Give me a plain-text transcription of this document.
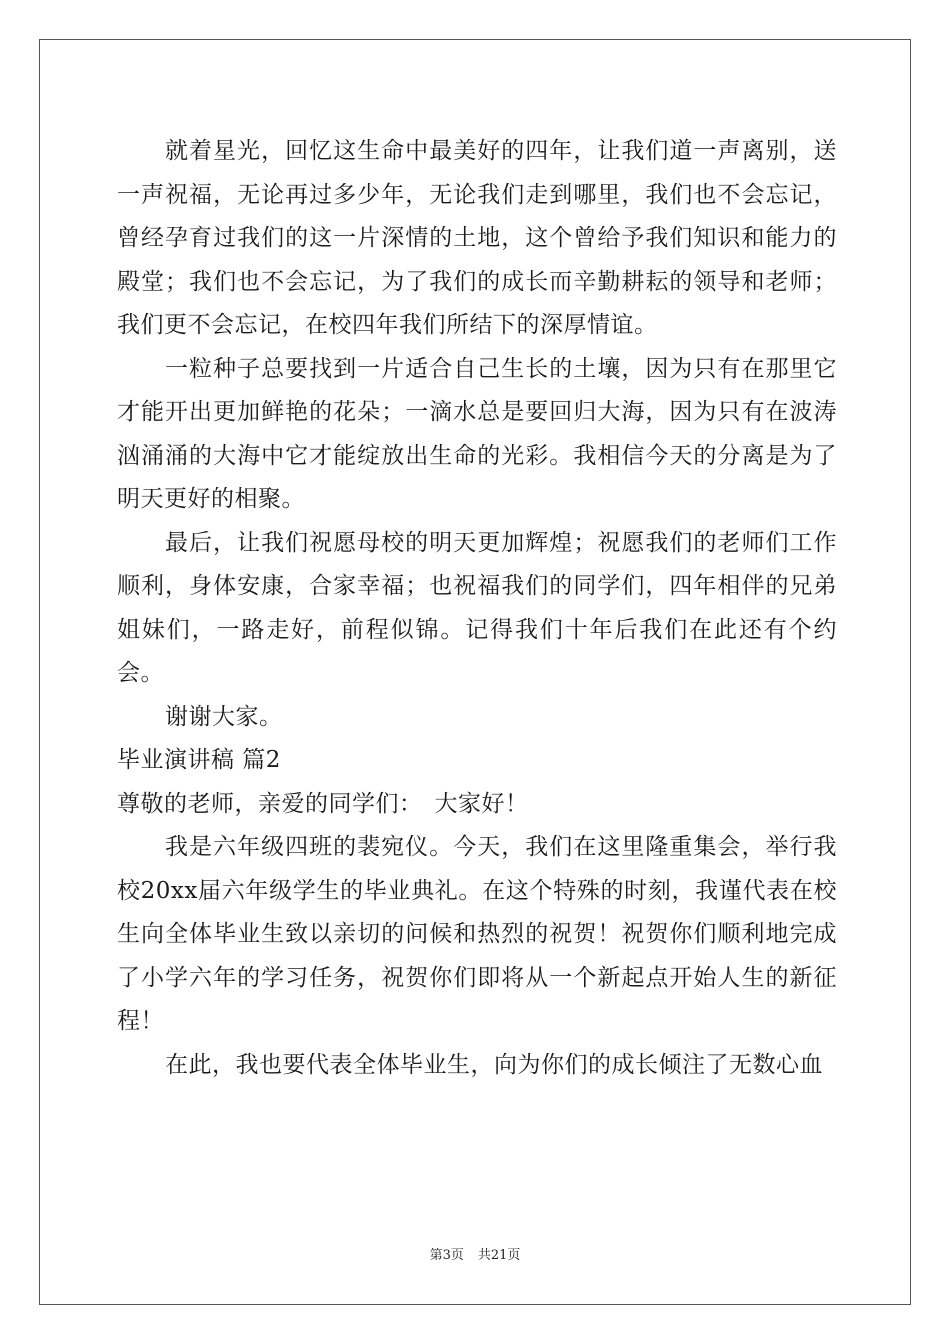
就着星光，回忆这生命中最美好的四年，让我们道一声离别，送一声祝福，无论再过多少年，无论我们走到哪里，我们也不会忘记，曾经孕育过我们的这一片深情的土地，这个曾给予我们知识和能力的殿堂；我们也不会忘记，为了我们的成长而辛勤耕耘的领导和老师；我们更不会忘记，在校四年我们所结下的深厚情谊。

一粒种子总要找到一片适合自己生长的土壤，因为只有在那里它才能开出更加鲜艳的花朵；一滴水总是要回归大海，因为只有在波涛汹涌涌的大海中它才能绽放出生命的光彩。我相信今天的分离是为了明天更好的相聚。

最后，让我们祝愿母校的明天更加辉煌；祝愿我们的老师们工作顺利，身体安康，合家幸福；也祝福我们的同学们，四年相伴的兄弟姐妹们，一路走好，前程似锦。记得我们十年后我们在此还有个约会。

谢谢大家。

毕业演讲稿 篇2

尊敬的老师，亲爱的同学们：　大家好！

我是六年级四班的裴宛仪。今天，我们在这里隆重集会，举行我校20xx届六年级学生的毕业典礼。在这个特殊的时刻，我谨代表在校生向全体毕业生致以亲切的问候和热烈的祝贺！祝贺你们顺利地完成了小学六年的学习任务，祝贺你们即将从一个新起点开始人生的新征程！

在此，我也要代表全体毕业生，向为你们的成长倾注了无数心血

第3页 共21页
